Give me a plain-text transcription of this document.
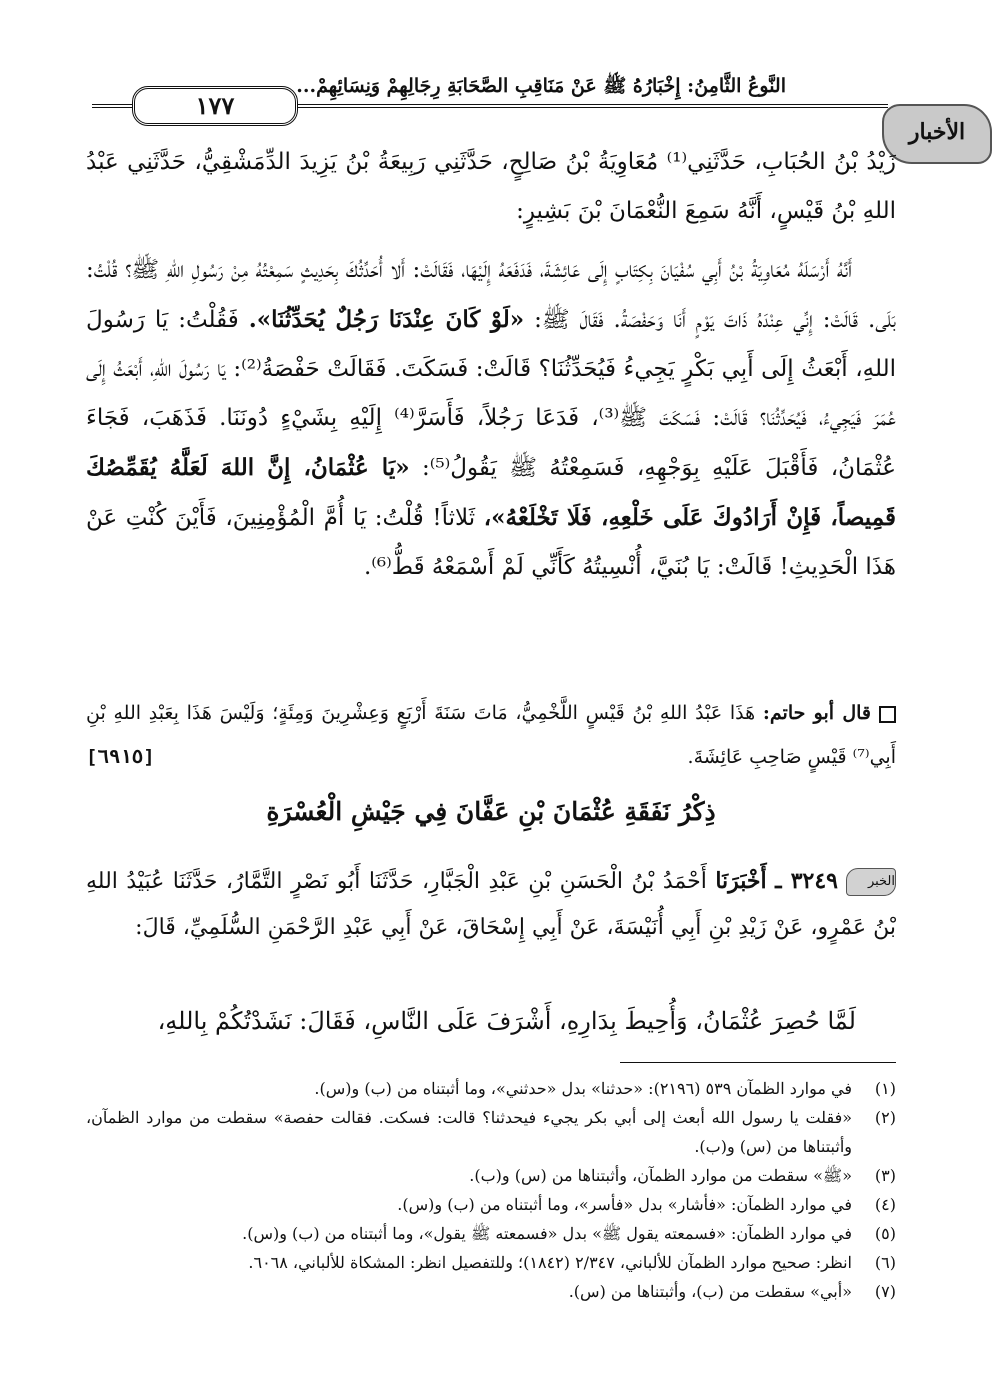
١٧٧
النَّوعُ الثَّامِنُ: إِخْبَارُهُ ﷺ عَنْ مَنَاقِبِ الصَّحَابَةِ رِجَالِهِمْ وَنِسَائِهِمْ...
الأخبار

زَيْدُ بْنُ الحُبَابِ، حَدَّثَنِي⁽¹⁾ مُعَاوِيَةُ بْنُ صَالِحٍ، حَدَّثَنِي رَبِيعَةُ بْنُ يَزِيدَ الدِّمَشْقِيُّ، حَدَّثَنِي عَبْدُ اللهِ بْنُ قَيْسٍ، أَنَّهُ سَمِعَ النُّعْمَانَ بْنَ بَشِيرٍ:

أَنَّهُ أَرْسَلَهُ مُعَاوِيَةُ بْنُ أَبِي سُفْيَانَ بِكِتَابٍ إِلَى عَائِشَةَ، فَدَفَعَهُ إِلَيْهَا، فَقَالَتْ: أَلا أُحَدِّثُكَ بِحَدِيثٍ سَمِعْتُهُ مِنْ رَسُولِ اللهِ ﷺ؟ قُلْتُ: بَلَى. قَالَتْ: إِنِّي عِنْدَهُ ذَاتَ يَوْمٍ أَنَا وَحَفْصَةُ. فَقَالَ ﷺ: «لَوْ كَانَ عِنْدَنَا رَجُلٌ يُحَدِّثُنَا». فَقُلْتُ: يَا رَسُولَ اللهِ، أَبْعَثُ إِلَى أَبِي بَكْرٍ يَجِيءُ فَيُحَدِّثُنَا؟ قَالَتْ: فَسَكَتَ. فَقَالَتْ حَفْصَةُ⁽²⁾: يَا رَسُولَ اللهِ، أَبْعَثُ إِلَى عُمَرَ فَيَجِيءُ، فَيُحَدِّثُنَا؟ قَالَتْ: فَسَكَتَ ﷺ⁽³⁾، فَدَعَا رَجُلاً، فَأَسَرَّ⁽⁴⁾ إِلَيْهِ بِشَيْءٍ دُونَنَا. فَذَهَبَ، فَجَاءَ عُثْمَانُ، فَأَقْبَلَ عَلَيْهِ بِوَجْهِهِ، فَسَمِعْتُهُ ﷺ يَقُولُ⁽⁵⁾: «يَا عُثْمَانُ، إِنَّ اللهَ لَعَلَّهُ يُقَمِّصُكَ قَمِيصاً، فَإِنْ أَرَادُوكَ عَلَى خَلْعِهِ، فَلَا تَخْلَعْهُ»، ثَلاثاً! قُلْتُ: يَا أُمَّ الْمُؤْمِنِينَ، فَأَيْنَ كُنْتِ عَنْ هَذَا الْحَدِيثِ! قَالَتْ: يَا بُنَيَّ، أُنْسِيتُهُ كَأَنِّي لَمْ أَسْمَعْهُ قَطُّ⁽⁶⁾.

قال أبو حاتم: هَذَا عَبْدُ اللهِ بْنُ قَيْسٍ اللَّخْمِيُّ، مَاتَ سَنَةَ أَرْبَعٍ وَعِشْرِينَ وَمِئَةٍ؛ وَلَيْسَ هَذَا بِعَبْدِ اللهِ بْنِ أَبِي⁽⁷⁾ قَيْسٍ صَاحِبِ عَائِشَةَ.
[٦٩١٥]
ذِكْرُ نَفَقَةِ عُثْمَانَ بْنِ عَفَّانَ فِي جَيْشِ الْعُسْرَةِ
الخبر٣٢٤٩ ـ أَخْبَرَنَا أَحْمَدُ بْنُ الْحَسَنِ بْنِ عَبْدِ الْجَبَّارِ، حَدَّثَنَا أَبُو نَصْرٍ التَّمَّارُ، حَدَّثَنَا عُبَيْدُ اللهِ بْنُ عَمْرٍو، عَنْ زَيْدِ بْنِ أَبِي أُنَيْسَةَ، عَنْ أَبِي إِسْحَاقَ، عَنْ أَبِي عَبْدِ الرَّحْمَنِ السُّلَمِيِّ، قَالَ:
لَمَّا حُصِرَ عُثْمَانُ، وَأُحِيطَ بِدَارِهِ، أَشْرَفَ عَلَى النَّاسِ، فَقَالَ: نَشَدْتُكُمْ بِاللهِ،
(١)
في موارد الظمآن ٥٣٩ (٢١٩٦): «حدثنا» بدل «حدثني»، وما أثبتناه من (ب) و(س).
(٢)
«فقلت يا رسول الله أبعث إلى أبي بكر يجيء فيحدثنا؟ قالت: فسكت. فقالت حفصة» سقطت من موارد الظمآن، وأثبتناها من (س) و(ب).
(٣)
«ﷺ» سقطت من موارد الظمآن، وأثبتناها من (س) و(ب).
(٤)
في موارد الظمآن: «فأشار» بدل «فأسر»، وما أثبتناه من (ب) و(س).
(٥)
في موارد الظمآن: «فسمعته يقول ﷺ» بدل «فسمعته ﷺ يقول»، وما أثبتناه من (ب) و(س).
(٦)
انظر: صحيح موارد الظمآن للألباني، ٢/٣٤٧ (١٨٤٢)؛ وللتفصيل انظر: المشكاة للألباني، ٦٠٦٨.
(٧)
«أبي» سقطت من (ب)، وأثبتناها من (س).
